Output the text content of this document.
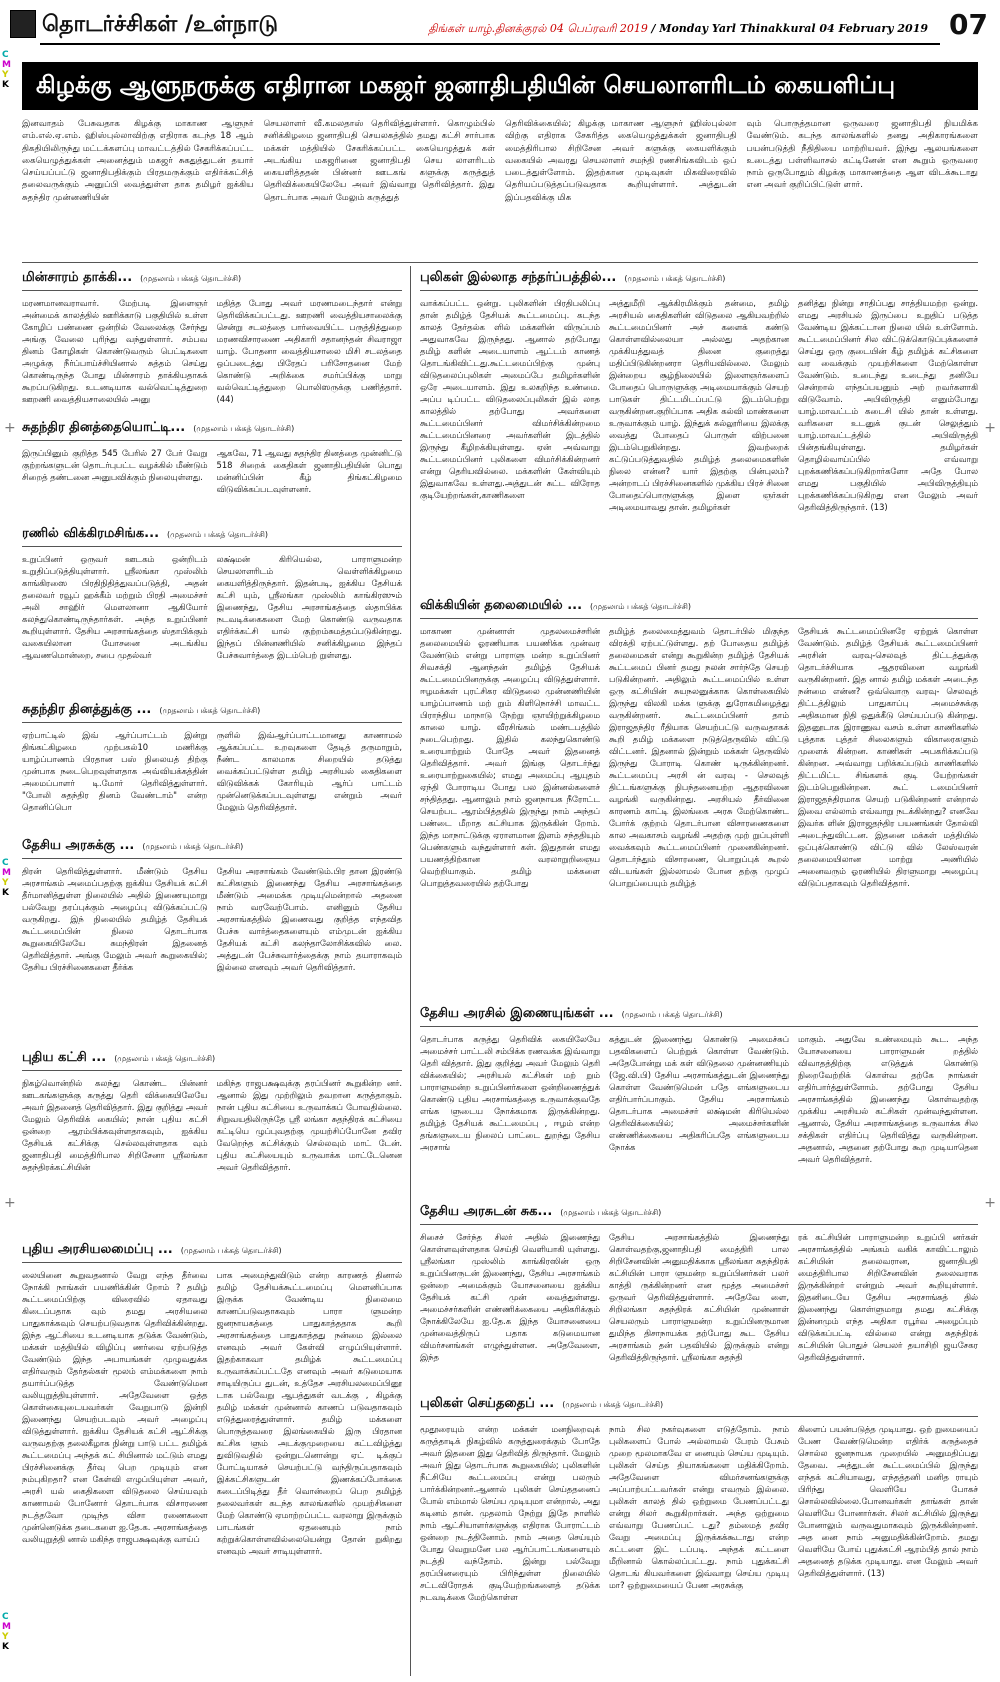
தொடர்ச்சிகள் /உள்நாடு	திங்கள் யாழ்.தினக்குரல் 04 பெப்ரவரி 2019 / Monday Yarl Thinakkural 04 February 2019 07
C
M
Y
K
C
M
Y
K
C
M
Y
K
கிழக்கு ஆளுநருக்கு எதிரான மகஜர் ஜனாதிபதியின் செயலாளரிடம் கையளிப்பு
இனவாதம் பேசுவதாக கிழக்கு மாகாண ஆளுநர் எம்.எல்.ஏ.எம். ஹிஸ்புல்லாவிற்கு எதிராக கடந்த 18 ஆம் திகதியிலிருந்து மட்டக்களப்பு மாவட்டத்தில் சேகரிக்கப்பட்ட கையெழுத்துக்கள் அனைத்தும் மகஜர் சுகதுத்துடன் தயார் செய்யப்பட்டு ஜனாதிபதிக்கும் பிரதமருக்கும் எதிர்க்கட்சித் தலைவருக்கும் அனுப்பி வைத்துள்ள தாக தமிழர் ஐக்கிய சுதந்திர முன்னணியின்
செயலாளர் வீ.கமலதாஸ் தெரிவித்துள்ளார். கொழும்பில் சனிக்கிழமை ஜனாதிபதி செயலகத்தில் தமது கட்சி சார்பாக மக்கள் மத்தியில் சேகரிக்கப்பட்ட கையெழுத்துக் கள் அடங்கிய மகஜரினை ஜனாதிபதி செய லாளரிடம் கையளித்ததன் பின்னர் ஊடகங் களுக்கு கருத்துத் தெரிவிக்கையிலேயே அவர் இவ்வாறு தெரிவித்தார். இது தொடர்பாக அவர் மேலும் கருத்துத்
தெரிவிக்கையில்; கிழக்கு மாகாண ஆளுநர் ஹிஸ்புல்லா விற்கு எதிராக சேகரித்த கையெழுத்துக்கள் ஜனாதிபதி மைத்திரிபால சிறிசேன அவர் களுக்கு கையளிக்கும் வகையில் அவரது செயலாளர் சமந்தி ரணசிங்கவிடம் ஒப் படைத்துள்ளோம். இதற்கான முடிவுகள் மிகவிரைவில் தெரியப்படுத்தப்படுவதாக கூறியுள்ளார். அத்துடன் இப்பதவிக்கு மிக
வும் பொருத்தமான ஒருவரை ஜனாதிபதி நியமிக்க வேண்டும். கடந்த காலங்களில் தனது அதிகாரங்களை பயன்படுத்தி நீதிதியை மாற்றியவர். இந்து ஆலயங்களை உடைத்து பள்ளிவாசல் கட்டினேன் என கூறும் ஒருவரை நாம் ஒருபோதும் கிழக்கு மாகாணத்தை ஆள விடக்கூடாது என அவர் குறிப்பிட்டுள் ளார்.
மின்சாரம் தாக்கி... (முதலாம் பக்கத் தொடர்ச்சி)
மரணமானவராவார். மேற்படி இளைஞர் அன்மைக் காலத்தில் ஊரிக்காடு பகுதியில் உள்ள கோழிப் பண்ணை ஒன்றில் வேலைக்கு சேர்ந்து அங்கு வேலை புரிந்து வந்துள்ளார். சம்பவ தினம் கோழிகள் கொண்டுவரும் பெட்டிகளை அழுக்கு நீர்ப்பாய்ச்சியினால் சுத்தம் செய்து கொண்டிருந்த போது மின்சாரம் தாக்கியதாகக் கூறப்படுகிறது. உடனடியாக வல்வெட்டித்துறை ஊறணி வைத்தியசாலையில் அனு
மதித்த போது அவர் மரணமடைந்தார் என்று தெரிவிக்கப்பட்டது. ஊறணி வைத்தியசாலைக்கு சென்று சடலத்தை பார்வையிட்ட பருத்தித்துறை மரணவிசாரணை அதிகாரி சதானந்தன் சிவராஜா யாழ். போதனா வைத்தியசாலை மிசி சடலத்தை ஒப்படைத்து பிரேதப் பரிசோதனை மேற் கொண்டு அறிக்கை சமர்ப்பிக்கு மாறு வல்வெட்டித்துறை பொலிஸருக்கு பணித்தார். (44)
சுதந்திர தினத்தையொட்டி... (முதலாம் பக்கத் தொடர்ச்சி)
இருப்பினும் குறித்த 545 பேரில் 27 பேர் வேறு குற்றங்களுடன் தொடர்புபட்ட வழக்கில் மீண்டும் சிறைத் தண்டனை அனுபவிக்கும் நிலையுள்ளது.
ஆகவே, 71 ஆவது சுதந்திர தினத்தை முன்னிட்டு 518 சிறைக் கைதிகள் ஜனாதிபதியின் பொது மன்னிப்பின் கீழ் திங்கட்கிழமை விடுவிக்கப்படவுள்ளனர்.
ரணில் விக்கிரமசிங்க... (முதலாம் பக்கத் தொடர்ச்சி)
உறுப்பினர் ஒருவர் ஊடகம் ஒன்றிடம் உறுதிப்படுத்தியுள்ளார். ஸ்ரீலங்கா முஸ்லிம் காங்கிரஸை பிரதிநிதித்துவப்படுத்தி, அதன் தலைவர் ரவூப் ஹக்கீம் மற்றும் பிரதி அமைச்சர் அலி சாஹிர் மௌலானா ஆகியோர் கலந்துகொண்டிருந்தார்கள். அந்த உறுப்பினர் கூறியுள்ளார். தேசிய அரசாங்கத்தை ஸ்தாபிக்கும் வகையிலான யோசனை அடங்கிய ஆவணமொன்றை, சபை முதல்வர்
லக்ஷ்மன் கிரியெல்ல, பாராளுமன்ற செயலாளரிடம் வெள்ளிக்கிழமை கையளித்திருந்தார். இதன்படி, ஐக்கிய தேசியக் கட்சி யும், ஸ்ரீலங்கா முஸ்லிம் காங்கிரஸும் இணைந்து, தேசிய அரசாங்கத்தை ஸ்தாபிக்க நடவடிக்கைகளை மேற் கொண்டு வருவதாக எதிர்க்கட்சி யால் குற்றம்சுமத்தப்படுகின்றது. இந்தப் பின்னணியில் சனிக்கிழமை இந்தப் பேச்சுவார்த்தை இடம்பெற் றுள்ளது.
சுதந்திர தினத்துக்கு ... (முதலாம் பக்கத் தொடர்ச்சி)
ஏற்பாட்டில் இவ் ஆர்ப்பாட்டம் இன்று திங்கட்கிழமை முற்பகல்10 மணிக்கு யாழ்ப்பாணம் பிரதான பஸ் நிலையத் திற்கு முன்பாக நடைபெறவுள்ளதாக அவ்வியக்கத்தின் அமைப்பாளர் டி.மோர் தெரிவித்துள்ளார். "போலி சுதந்திர தினம் வேண்டாம்" என்ற தொனிப்பொ
ருளில் இவ்ஆர்ப்பாட்டமானது காணாமல் ஆக்கப்பட்ட உறவுகளை தேடித் தருமாறும், நீண்ட காலமாக சிறையில் தடுத்து வைக்கப்பட்டுள்ள தமிழ் அரசியல் கைதிகளை விடுவிக்கக் கோரியும் ஆர்ப் பாட்டம் முன்னெடுக்கப்படவுள்ளது என்றும் அவர் மேலும் தெரிவித்தார்.
தேசிய அரசுக்கு ... (முதலாம் பக்கத் தொடர்ச்சி)
திரன் தெரிவித்துள்ளார். மீண்டும் தேசிய அரசாங்கம் அமைப்பதற்கு ஐக்கிய தேசியக் கட்சி தீர்மானித்துள்ள நிலையில் அதில் இணையுமாறு பல்வேறு தரப்புக்கும் அழைப்பு விடுக்கப்பட்டு வருகிறது. இந் நிலையில் தமிழ்த் தேசியக் கூட்டமைப்பின் நிலை தொடர்பாக கூறுகையிலேயே சுமந்திரன் இதனைத் தெரிவித்தார். அங்கு மேலும் அவர் கூறுகையில்; தேசிய பிரச்சினைகளை தீர்க்க
தேசிய அரசாங்கம் வேண்டும்.பிர தான இரண்டு கட்சிகளும் இணைந்து தேசிய அரசாங்கத்தை மீண்டும் அமைக்க முடியுமென்றால் அதனை நாம் வரவேற்போம். எனினும் தேசிய அரசாங்கத்தில் இணைவது குறித்த எந்தவித பேச்சு வார்த்தைகளையும் எம்முடன் ஐக்கிய தேசியக் கட்சி கலந்தாலோசிக்கவில் லை. அத்துடன் பேச்சுவார்த்தைக்கு நாம் தயாராகவும் இல்லை எனவும் அவர் தெரிவித்தார்.
புதிய கட்சி ... (முதலாம் பக்கத் தொடர்ச்சி)
நிகழ்வொன்றில் கலந்து கொண்ட பின்னர் ஊடகங்களுக்கு கருத்து தெரி விக்கையிலேயே அவர் இதனைத் தெரிவித்தார். இது குறித்து அவர் மேலும் தெரிவிக் கையில்; நான் புதிய கட்சி ஒன்றை ஆரம்பிக்கவுள்ளதாகவும், ஐக்கிய தேசியக் கட்சிக்கு செல்லவுள்ளதாக வும் ஜனாதிபதி மைத்திரிபால சிறிசேனா ஸ்ரீலங்கா சுதந்திரக்கட்சியின்
மகிந்த ராஜபக்ஷவுக்கு தரப்பினர் கூறுகின்ற னர். ஆனால் இது முற்றிலும் தவறான கருத்தாகும். நான் புதிய கட்சியை உருவாக்கப் போவதில்லை. சிறுவயதிலிருந்தே ஸ்ரீ லங்கா சுதந்திரக் கட்சியை கட்டியெ ழுப்புவதற்கு முயற்சிப்போனே தவிர வேறெந்த கட்சிக்கும் செல்லவும் மாட் டேன். புதிய கட்சியையும் உருவாக்க மாட்டேனென அவர் தெரிவித்தார்.
புதிய அரசியலமைப்பு ... (முதலாம் பக்கத் தொடர்ச்சி)
லையினை கூறுவதனால் வேறு எந்த தீர்வை நோக்கி நாங்கள் பயணிக்கின் றோம் ? தமிழ் கூட்டமைப்பிற்கு விரைவில் ஏதாவது கிடைப்பதாக வும் தமது அரசியலை பாதுகாக்கவும் செயற்படுவதாக தெரிவிக்கின்றது. இந்த ஆட்சியை உடனடியாக தடுக்க வேண்டும், மக்கள் மத்தியில் விழிப்பு ணர்வை ஏற்படுத்த வேண்டும் இந்த அபாயங்கள் முழுவதுக்க எதிர்வரும் தேர்தல்கள் மூலம் எம்மக்களை நாம் தயார்ப்படுத்த வேண்டுமென வலியுறுத்தியுள்ளார். அதேவேளை ஒத்த கொள்கையுடையவர்கள் வேறுபாடு இன்றி இணைந்து செயற்படவும் அவர் அழைப்பு விடுத்துள்ளார். ஐக்கிய தேசியக் கட்சி ஆட்சிக்கு வருவதற்கு தலைகீழாக நின்று பாடு பட்ட தமிழ்க் கூட்டமைப்பு அந்தக் கட் சியினால் மட்டும் எமது பிரச்சினைக்கு தீர்வு பெற முடியும் என நம்புகிறதா? என கேள்வி எழுப்பியுள்ள அவர், அரசி யல் கைதிகளை விடுதலை செய்யவும் காணாமல் போனோர் தொடர்பாக விசாரணை நடத்தவோ முடிந்த விசா ரணைகளை முன்னெடுக்க தடைகளை ஐ.தே.க. அரசாங்கத்தை வலியுறுத்தி னால் மகிந்த ராஜபக்ஷவுக்கு வாய்ப்
பாக அமைந்துவிடும் என்ற காரணத் தினால் தமிழ் தேசியக்கூட்டமைப்பு மௌனிப்பாக இருக்க வேண்டிய நிலைமை காணப்படுவதாகவும் பாரா ளுமன்ற ஜனநாயகத்தை பாதுகாத்ததாக கூறி அரசாங்கத்தை பாதுகாத்தது நன்மை இல்லை எனவும் அவர் கேள்வி எழுப்பியுள்ளார். இதற்காகவா தமிழ்க் கூட்டமைப்பு உருவாக்கப்பட்டதே எனவும் அவர் கடுமையாக சாடியிருப்ப துடன், உத்தேச அரசியலமைப்பினூ டாக பல்வேறு ஆபத்துகள் வடக்கு , கிழக்கு தமிழ் மக்கள் முன்னால் காணப் படுவதாகவும் எடுத்துரைத்துள்ளார். தமிழ் மக்களை பொருத்தவரை இலங்கையில் இரு பிரதான கட்சிக ளும் அடக்குமுறையை கட்டவிழ்த்து துவிடுவதில் ஒன்றுடனொன்று ஏட் டிக்குப் போட்டியாகச் செயற்பட்டு வந்திருப்பதாகவும் இக்கட்சிகளுடன் இணக்கப்போக்கை கடைப்பிடித்து தீர் வொன்றைப் பெற தமிழ்த் தலைவர்கள் கடந்த காலங்களில் முயற்சிகளை மேற் கொண்டு ஏமாற்றப்பட்ட வரலாறு இருக்கும் பாடங்கள் ஏதனையும் நாம் கற்றுக்கொள்ளவில்லையென்று தோன் றுகிறது எனவும் அவர் சாடியுள்ளார்.
புலிகள் இல்லாத சந்தர்ப்பத்தில்... (முதலாம் பக்கத் தொடர்ச்சி)
வாக்கப்பட்ட ஒன்று. புலிகளின் பிரதிபலிப்பு தான் தமிழ்த் தேசியக் கூட்டமைப்பு. கடந்த காலத் தேர்தல்க ளில் மக்களின் விருப்பம் அதுவாகவே இருந்தது. ஆனால் தற்போது தமிழ் களின் அடையாளம் ஆட்டம் காணத் தொடங்கிவிட்டது.கூட்டமைப்பிற்கு முன்பு விடுதலைப்புலிகள் அமைப்பே தமிழர்களின் ஒரே அடையாளம். இது உலகறிந்த உண்மை. அப்ப டிப்பட்ட விடுதலைப்புலிகள் இல் லாத காலத்தில் தற்போது அவர்களை கூட்டமைப்பினர் விமர்சிக்கின்றமை கூட்டமைப்பினரை அவர்களின் இடத்தில் இருந்து கீழிறக்கியுள்ளது. ஏன் அவ்வாறு கூட்டமைப்பினர் புலிகளை விமர்சிக்கின்றனர் என்று தெரியவில்லை. மக்களின் கேள்வியும் இதுவாகவே உள்ளது.அத்துடன் சுட்ட விரோத குடியேற்றங்கள்,காணிகளை
அத்துமீறி ஆக்கிரமிக்கும் தன்மை, தமிழ் அரசியல் கைதிகளின் விடுதலை ஆகியவற்றில் கூட்டமைப்பினர் அச் களைக் கண்டு கொள்ளவில்லையா அல்லது அதற்கான முக்கியத்துவத் தினை குறைத்து மதிப்பிடுகின்றனரா தெரியவில்லை. மேலும் இன்றைய சூழ்நிலையில் இளைஞர்களைப் போதைப் பொருளுக்கு அடிமையாக்கும் செயற் பாடுகள் திட்டமிடப்பட்டு இடம்பெற்று வருகின்றன.குறிப்பாக அதிக கல்வி மாண்களை உருவாக்கும் யாழ். இந்துக் கல்லூரியை இலக்கு வைத்து போதைப் பொருள் விற்பனை இடம்பெறுகின்றது. இவற்றைக் கட்டுப்படுத்துவதில் தமிழ்த் தலைமைகளின் நிலை என்ன? யார் இதற்கு பின்புலம்? அன்றாடப் பிரச்சினைகளில் முக்கிய பிரச் சினை போதைப்பொருளுக்கு இளை ஞர்கள் அடிமையாவது தான். தமிழர்கள்
தனித்து நின்று சாதிப்பது சாத்தியமற்ற ஒன்று. எமது அரசியல் இருப்பை உறுதிப் படுத்த வேண்டிய இக்கட்டான நிலை யில் உள்ளோம். கூட்டமைப்பினர் சில விட்டுக்கொடுப்புக்களைச் செய்து ஒரு குடையின் கீழ் தமிழ்க் கட்சிகளை வர வைக்கும் முயற்சிகளை மேற்கொள்ள வேண்டும். உடைந்து உடைந்து தனியே சென்றால் எந்தப்பயனும் அற் றவர்களாகி விடுவோம். அபிவிருத்தி எனும்போது யாழ்.மாவட்டம் கடைசி யில் தான் உள்ளது. வரிகளை உடனுக் குடன் செலுத்தும் யாழ்.மாவட்டத்தில் அபிவிருத்தி பின்தங்கியுள்ளது. தமிழர்கள் தொழில்வாய்ப்பில் எவ்வாறு புறக்கணிக்கப்படுகிறார்களோ அதே போல எமது பகுதியில் அபிவிருத்தியும் புறக்கணிக்கப்படுகிறது என மேலும் அவர் தெரிவித்திருந்தார். (13)
விக்கியின் தலைமையில் ... (முதலாம் பக்கத் தொடர்ச்சி)
மாகாண முன்னாள் முதலமைச்சரின் தலைமையில் ஓரணியாக பயணிக்க முன்வர வேண்டும் என்று பாராளு மன்ற உறுப்பினர் சிவசக்தி ஆனந்தன் தமிழ்த் தேசியக் கூட்டமைப்பினருக்கு அழைப்பு விடுத்துள்ளார். ஈழமக்கள் புரட்சிகர விடுதலை முன்னணியின் யாழ்ப்பாணம் மற் றும் கிளிநொச்சி மாவட்ட பிராந்திய மாநாடு நேற்று ஞாயிற்றுக்கிழமை காலை யாழ். வீரசிங்கம் மண்டபத்தில் நடைபெற்றது. இதில் கலந்துகொண்டு உரையாற்றும் போதே அவர் இதனைத் தெரிவித்தார். அவர் இங்கு தொடர்ந்து உரையாற்றுகையில்; எமது அமைப்பு ஆயுதம் ஏந்தி போராடிய போது பல இன்னல்களைச் சந்தித்தது. ஆனாலும் நாம் ஜனநாயக நீரோட்ட செயற்பட ஆரம்பித்ததில் இருந்து நாம் அந்தப் பண்டை மீறாத கட்சியாக இருக்கின் றோம். இந்த மாநாட்டுக்கு ஏராளமான இளம் சந்ததியும் பெண்களும் வந்துள்ளார் கள். இதுதான் எமது பயணத்திற்கான வரலாறுறிஞைய வெற்றியாகும். தமிழ் மக்களை பொறுத்தவரையில் தற்போது
தமிழ்த் தலைமைத்துவம் தொடர்பில் மிகுந்த விரக்தி ஏற்பட்டுள்ளது. தற் போதைய தமிழ்த் தலைமைகள் என்று கூறுகின்ற தமிழ்த் தேசியக் கூட்டமைப் பினர் தமது நலன் சார்ந்தே செயற் படுகின்றனர். அதிலும் கூட்டமைப்பில் உள்ள ஒரு கட்சியின் சுயநலனுக்காக கொள்கையில் இருந்து விலகி மக்க ளுக்கு துரோகமிழைத்து வருகின்றனர். கூட்டமைப்பினர் தாம் இராஜதந்திர ரீதியாக செயற்பட்டு வருவதாகக் கூறி தமிழ் மக்களை நடுத்தெருவில் விட்டு விட்டனர். இதனால் இன்றும் மக்கள் தெருவில் இருந்து போராடி கொண் டிருக்கின்றனர். கூட்டமைப்பு அரசி ன் வரவு - செலவுத் திட்டங்களுக்கு நிபந்தனையற்ற ஆதரவினை வழங்கி வருகின்றது. அரசியல் தீர்வினை காரணம் காட்டி இலங்கை அரசு மேற்கொண்ட போர்க் குற்றம் தொடர்பான விசாரணைகளை கால அவகாசம் வழங்கி அதற்கு முற் றுப்புள்ளி வைக்கவும் கூட்டமைப்பினர் முனைகின்றனர். தொடர்ந்தும் விசாரணை, பொறுப்புக் கூறல் விடயங்கள் இல்லாமல் போன தற்கு முழுப் பொறுப்பையும் தமிழ்த்
தேசியக் கூட்டமைப்பினரே ஏற்றுக் கொள்ள வேண்டும். தமிழ்த் தேசியக் கூட்டமைப்பினர் அரசின் வரவு-செலவுத் திட்டத்துக்கு தொடர்ச்சியாக ஆதரவினை வழங்கி வருகின்றனர். இத னால் தமிழ் மக்கள் அடைந்த நன்மை என்ன? ஒவ்வொரு வரவு- செலவுத் திட்டத்திலும் பாதுகாப்பு அமைச்சுக்கு அதிகமான நிதி ஒதுக்கீடு செய்யப்படு கின்றது. இதனூடாக இராணுவ வசம் உள்ள காணிகளில் புத்தாக புத்தர் சிலைகளும் விகாரைகளும் முளைக் கின்றன. காணிகள் அபகரிக்கப்படு கின்றன. அவ்வாறு பறிக்கப்படும் காணிகளில் திட்டமிட்ட சிங்களக் குடி யேற்றங்கள் இடம்பெறுகின்றன. கூட் டமைப்பினர் இராஜதந்திரமாக செயற் படுகின்றனர் என்றால் இவை எல்லாம் எவ்வாறு நடக்கின்றது? எனவே இவர்க ளின் இராஜதந்திர பயணங்கள் தோல்வி அடைந்துவிட்டன. இதனை மக்கள் மத்தியில் ஒப்புக்கொண்டு விட்டு வில் லேஸ்வரன் தலைமையிலான மாற்று அணியில் அனைவரும் ஓரணியில் திரளுமாறு அழைப்பு விடுப்பதாகவும் தெரிவித்தார்.
தேசிய அரசில் இணையுங்கள் ... (முதலாம் பக்கத் தொடர்ச்சி)
தொடர்பாக கருத்து தெரிவிக் கையிலேயே அமைச்சர் பாட்டலி சம்பிக்க ரணவக்க இவ்வாறு தெரி வித்தார். இது குறித்து அவர் மேலும் தெரி விக்கையில்; அரசியல் கட்சிகள் மற் றும் பாராளுமன்ற உறுப்பினர்களை ஒன்றிணைத்துக் கொண்டு புதிய அரசாங்கத்தை உருவாக்குவதே எங்க ளுடைய நோக்கமாக இருக்கின்றது. தமிழ்த் தேசியக் கூட்டமைப்பு , ஈழம் என்ற தங்களுடைய நிலைப் பாட்டை துறந்து தேசிய அரசாங்
கத்துடன் இணைந்து கொண்டு அமைச்சுப் பதவிகளைப் பெற்றுக் கொள்ள வேண்டும். அதேபோன்று மக் கள் விடுதலை முன்னணியும் (ஜே.வி.பி) தேசிய அரசாங்கத்துடன் இணைந்து கொள்ள வேண்டுமென் பதே எங்களுடைய எதிர்பார்ப்பாகும். தேசிய அரசாங்கம் தொடர்பாக அமைச்சர் லக்ஷ்மன் கிரியெல்ல தெரிவிக்கையில்; அமைச்சர்களின் எண்ணிக்கையை அதிகரிப்பதே எங்களுடைய நோக்க
மாகும். அதுவே உண்மையும் கூட. அந்த யோசனையை பாராளுமன் றத்தில் விவாதத்திற்கு எடுத்துக் கொண்டு நிறைவேற்றிக் கொள்வ தற்கே நாங்கள் எதிர்பார்த்துள்ளோம். தற்போது தேசிய அரசாங்கத்தில் இணைந்து கொள்வதற்கு முக்கிய அரசியல் கட்சிகள் முன்வந்துள்ளன. ஆனால், தேசிய அரசாங்கத்தை உருவாக்க சில சக்திகள் எதிர்ப்பு தெரிவித்து வருகின்றன. அதனால், அதனை தற்போது கூற முடியாதென அவர் தெரிவித்தார்.
தேசிய அரசுடன் சுக... (முதலாம் பக்கத் தொடர்ச்சி)
சிசைச் சேர்ந்த சிலர் அதில் இணைந்து கொள்ளவுள்ளதாக செய்தி வெளியாகி யுள்ளது. ஸ்ரீலங்கா முஸ்லிம் காங்கிரஸின் ஒரு உறுப்பினருடன் இணைந்து, தேசிய அரசாங்கம் ஒன்றை அமைக்கும் யோசனையை ஐக்கிய தேசியக் கட்சி முன் வைத்துள்ளது. அமைச்சர்களின் எண்ணிக்கையை அதிகரிக்கும் நோக்கிலேயே ஐ.தே.க இந்த யோசனையை முன்வைத்திருப் பதாக கடுமையான விமர்சனங்கள் எழுந்துள்ளன. அதேவேளை, இந்த
தேசிய அரசாங்கத்தில் இணைந்து கொள்வதற்கு,ஜனாதிபதி மைத்திரி பால சிறிசேனவின் அனுமதிக்காக ஸ்ரீலங்கா சுதந்திரக் கட்சியின் பாரா ளுமன்ற உறுப்பினர்கள் பலர் காத்தி ருக்கின்றனர் என மூத்த அமைச்சர் ஒருவர் தெரிவித்துள்ளார். அதேவே ளை, சிறிலங்கா சுதந்திரக் கட்சியின் முன்னாள் செயலரும் பாராளுமன்ற உறுப்பினருமான துமிந்த திசாநாயக்க தற்போது கூட தேசிய அரசாங்கம் தன் பதவியில் இருக்கும் என்று தெரிவித்திருந்தார். ஸ்ரீலங்கா சுதந்தி
ரக் கட்சியின் பாராளுமன்ற உறுப்பி னர்கள் அரசாங்கத்தில் அங்கம் வகிக் காவிட்டாலும் கட்சியின் தலைவரான, ஜனாதிபதி மைத்திரிபால சிறிசேனவின் தலைவராக இருக்கின்றர் என்றும் அவர் கூறியுள்ளார். இதனிடையே தேசிய அரசாங்கத் தில் இணைந்து கொள்ளுமாறு தமது கட்சிக்கு இன்னமும் எந்த அதிகா ரபூர்வ அழைப்பும் விடுக்கப்பட்டி வில்லை என்று சுதந்திரக் கட்சியின் பொதுச் செயலர் தயாசிறி ஜயசேகர தெரிவித்துள்ளார்.
புலிகள் செய்ததைப் ... (முதலாம் பக்கத் தொடர்ச்சி)
மூதூரையும் என்ற மக்கள் மனநிறைவுக் கருத்தாடிக் நிகழ்வில் கருத்துரைக்கும் போதே அவர் இதனை இது தெரிவித் திருந்தார். மேலும் அவர் இது தொடர்பாக கூறுகையில்; புலிகளின் நீட்சியே கூட்டமைப்பு என்று பலரும் பார்க்கின்றனர்.ஆனால் புலிகள் செய்ததனைப் போல் எம்மால் செய்ய முடியுமா என்றால், அது கடினம் தான். முதலாம் நேற்று இதே நாளில் நாம் ஆட்சியாளர்களுக்கு எதிராக போராட்டம் ஒன்றை நடத்தினோம். நாம் அதை செய்யும் போது வெறுமனே பல ஆர்ப்பாட்டங்களையும் நடத்தி வந்தோம். இன்று பல்வேறு தரப்பினரையும் பிரிந்துள்ள நிலையில் சட்டவிரோதக் குடியேற்றங்களைத் தடுக்க நடவடிக்கை மேற்கொள்ள
நாம் சில நகர்வுகளை எடுத்தோம். நாம் புலிகளைப் போல் அல்லாமல் பேரம் பேசும் முறை மூலமாகவே எ னையும் செய்ய முடியும். புலிகள் செய்த தியாகங்களை மதிக்கிறோம். அதேவேளை விமர்சனங்களுக்கு அப்பாற்பட்டவர்கள் என்று எவரும் இல்லை. புலிகள் காலத் தில் ஒற்றுமை பேணப்பட்டது என்று சிலர் கூறுகிறார்கள். அந்த ஒற்றுமை எவ்வாறு பேணப்பட் டது? தம்மைத் தவிர வேறு அமைப்பு இருக்கக்கூடாது என்ற கட்டளை இட் டப்படி. அந்தக் கட்டளை மீறினால் கொல்லப்பட்டது. நாம் புதுக்கட்சி தொடங் கியவர்களை இவ்வாறு செய்ய முடியு மா? ஒற்றுமையைப் பேண அரசுக்கு
கிளைப் பயன்படுத்த முடியாது. ஒற் றுமையைப் பேண வேண்டுமென்ற எதிர்க் கருத்தைச் சொல்ல ஜனநாயக முறையில் அனுமதிப்பது தேவை. அத்துடன் கூட்டமைப்பில் இருந்து எந்தக் கட்சியாவது, எந்தத்தனி மனித ராயும் பிரிந்து வெளியே போகச் சொல்லவில்லை.போனவர்கள் தாங்கள் தான் வெளியே போனார்கள். சிலர் கட்சியில் இருந்து போனாலும் வருவதுமாகவும் இருக்கின்றனர். அத னை நாம் அனுமதிக்கின்றோம். தமது வெளியே போய் புதுக்கட்சி ஆரம்பித் தால் நாம் அதனைத் தடுக்க முடியாது. என மேலும் அவர் தெரிவித்துள்ளார். (13)
+	+
+	+
